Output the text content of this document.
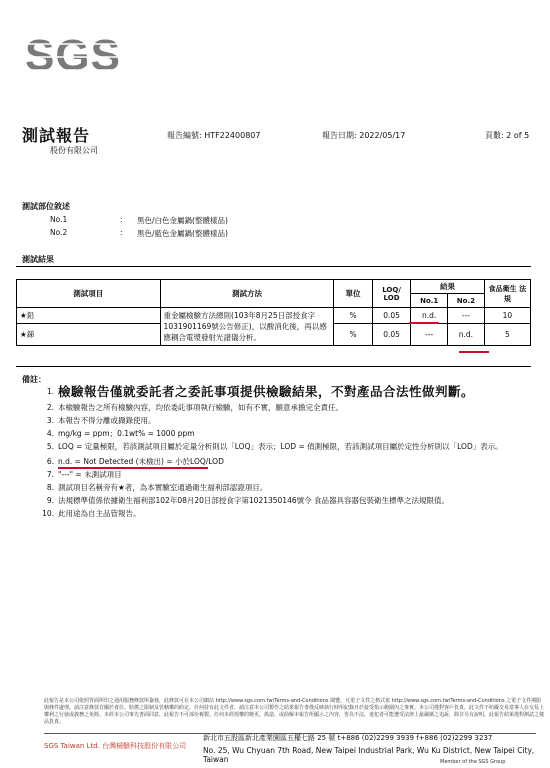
SGS
測試報告
股份有限公司
報告編號: HTF22400807	報告日期: 2022/05/17	頁數: 2 of 5
測試部位敘述
No.1	: 黑色/白色金屬鍋(整體樣品)
No.2	: 黑色/藍色金屬鍋(整體樣品)
測試結果
測試項目	測試方法	單位	LOQ/ LOD	結果		食品衛生 法規
				No.1	No.2	
★鉛	重金屬檢驗方法總則(103年8月25日部授食字1031901169號公告修正)，以酸消化後，再以感應耦合電漿發射光譜儀分析。	%	0.05	n.d.	---	10
★銻		%	0.05	---	n.d.	5
備註：
1. 檢驗報告僅就委託者之委託事項提供檢驗結果，不對產品合法性做判斷。
2. 本檢驗報告之所有檢驗內容，均依委託事項執行檢驗，如有不實，願意承擔完全責任。
3. 本報告不得分離或擷錄使用。
4. mg/kg = ppm；0.1wt% = 1000 ppm
5. LOQ = 定量極限，若該測試項目屬於定量分析則以「LOQ」表示；LOD = 偵測極限，若該測試項目屬於定性分析則以「LOD」表示。
6. n.d. = Not Detected (未檢出) = 小於LOQ/LOD
7. "---" = 未測試項目
8. 測試項目名稱旁有★者，為本實驗室通過衛生福利部認證項目。
9. 法規標準值係依據衛生福利部102年08月20日部授食字第1021350146號令 食品器具容器包裝衛生標準之法規限值。
10. 此用途為自主品管報告。
此報告是本公司依照背面所印之通用服務條款所簽發，此條款可在本公司網站 http://www.sgs.com.tw/Terms-and-Conditions 閱覽，凡電子文件之格式依 http://www.sgs.com.tw/Terms-and-Conditions 之電子文件期限與條件處理。請注意條款有關於責任、賠償之限制及管轄權的約定，任何持有此文件者，請注意本公司製作之結果報告書僅反映執行時所紀錄且於接受指示範圍內之事實。本公司僅對客戶負責，此文件不妨礙交易當事人在交易上權利之行使或義務之免除。未經本公司事先書面同意，此報告不可部份複製。任何未經授權的變更、偽造、或曲解本報告所顯示之內容，皆為不法，違犯者可能遭受法律上最嚴厲之追訴，除非另有說明，此報告結果僅對測試之樣品負責。
SGS Taiwan Ltd. 台灣檢驗科技股份有限公司
新北市五股區新北產業園區五權七路 25 號 t+886 (02)2299 3939 f+886 (02)2299 3237
No. 25, Wu Chyuan 7th Road, New Taipei Industrial Park, Wu Ku District, New Taipei City, Taiwan	Member of the SGS Group
